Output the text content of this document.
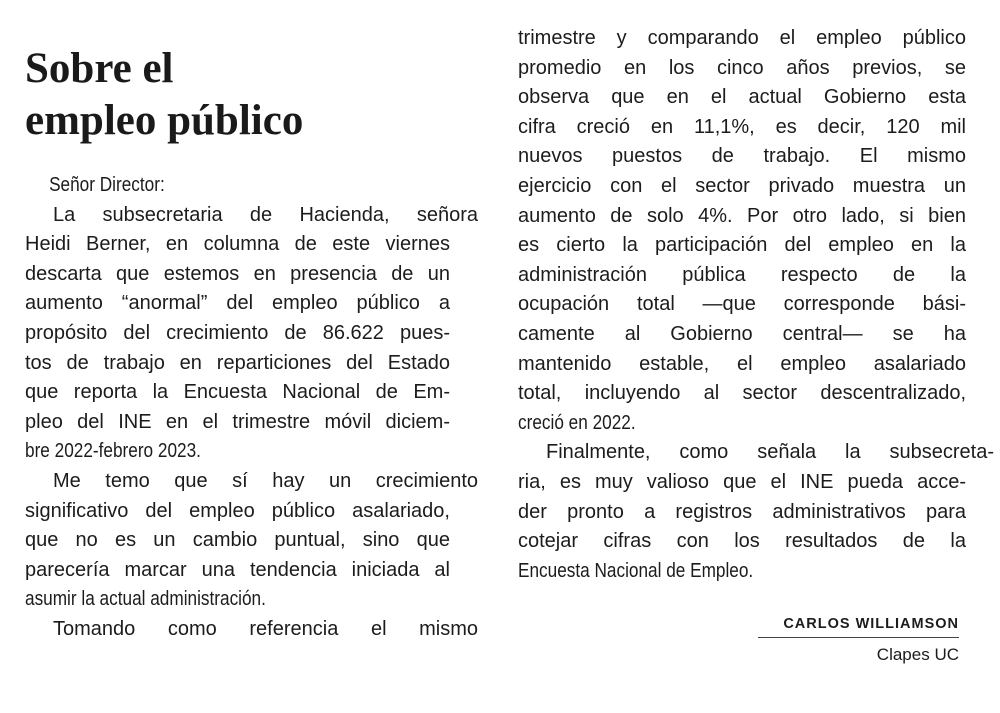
Sobre el
empleo público
Señor Director:
La subsecretaria de Hacienda, señora
Heidi Berner, en columna de este viernes
descarta que estemos en presencia de un
aumento “anormal” del empleo público a
propósito del crecimiento de 86.622 pues-
tos de trabajo en reparticiones del Estado
que reporta la Encuesta Nacional de Em-
pleo del INE en el trimestre móvil diciem-
bre 2022-febrero 2023.
Me temo que sí hay un crecimiento
significativo del empleo público asalariado,
que no es un cambio puntual, sino que
parecería marcar una tendencia iniciada al
asumir la actual administración.
Tomando como referencia el mismo
trimestre y comparando el empleo público
promedio en los cinco años previos, se
observa que en el actual Gobierno esta
cifra creció en 11,1%, es decir, 120 mil
nuevos puestos de trabajo. El mismo
ejercicio con el sector privado muestra un
aumento de solo 4%. Por otro lado, si bien
es cierto la participación del empleo en la
administración pública respecto de la
ocupación total —que corresponde bási-
camente al Gobierno central— se ha
mantenido estable, el empleo asalariado
total, incluyendo al sector descentralizado,
creció en 2022.
Finalmente, como señala la subsecreta-
ria, es muy valioso que el INE pueda acce-
der pronto a registros administrativos para
cotejar cifras con los resultados de la
Encuesta Nacional de Empleo.
CARLOS WILLIAMSON
Clapes UC
